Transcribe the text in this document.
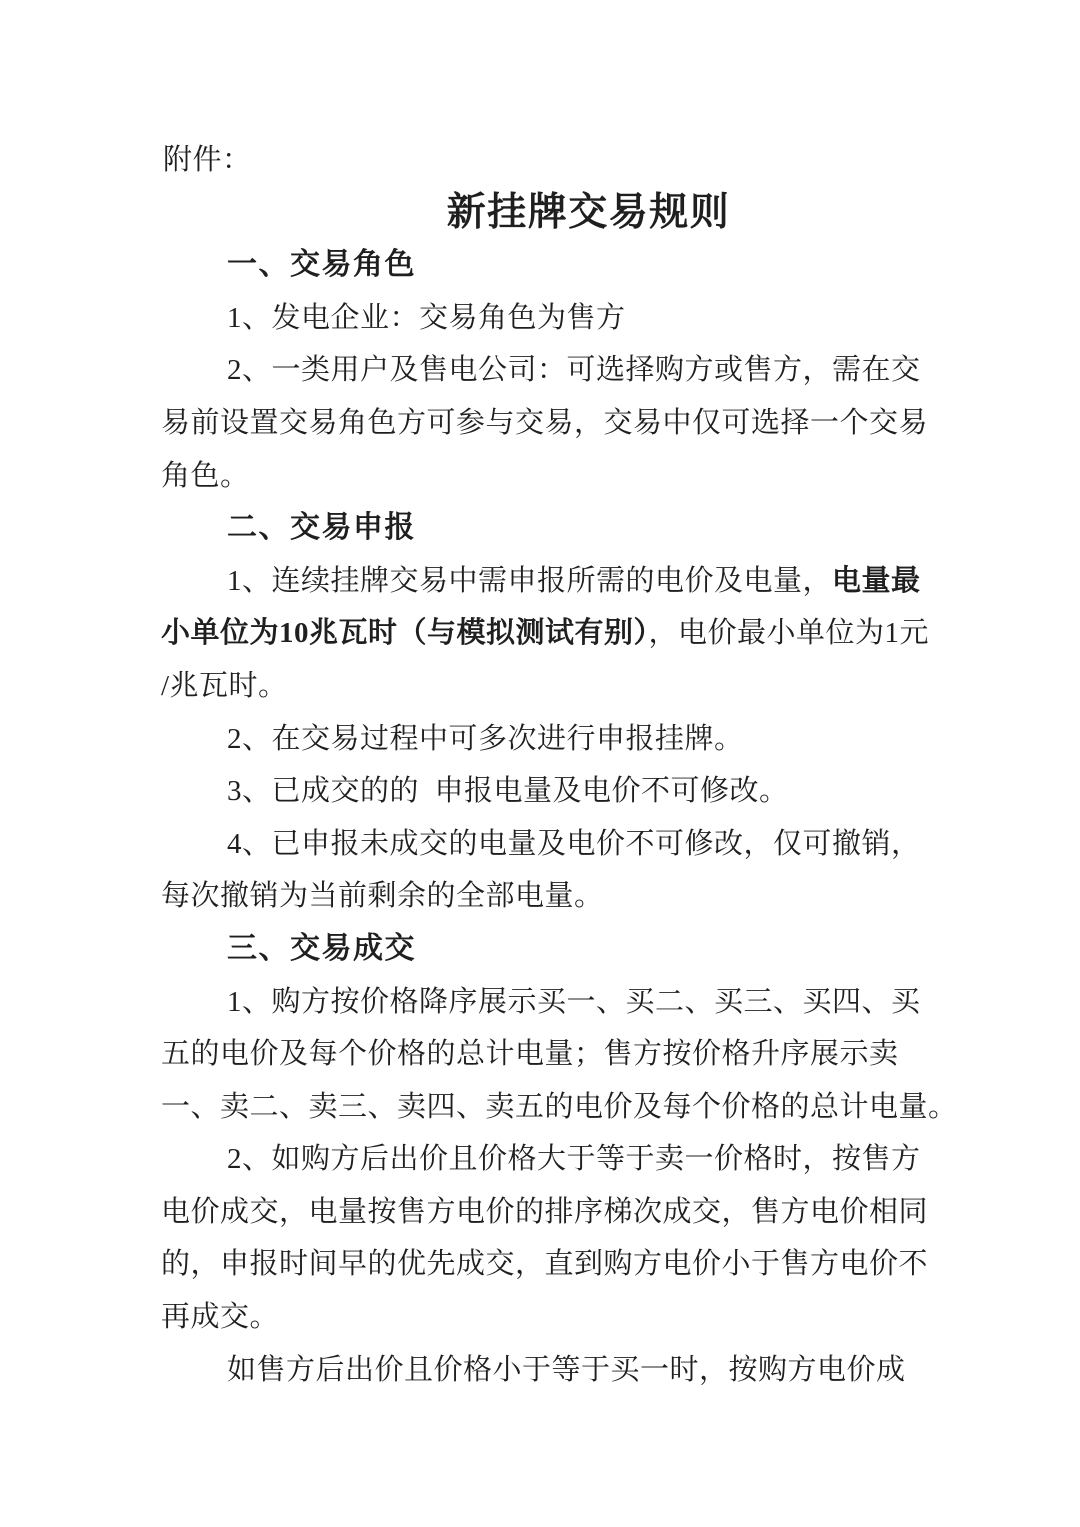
附件：
新挂牌交易规则
一、交易角色
1、发电企业：交易角色为售方
2、一类用户及售电公司：可选择购方或售方，需在交
易前设置交易角色方可参与交易，交易中仅可选择一个交易
角色。
二、交易申报
1、连续挂牌交易中需申报所需的电价及电量，电量最
小单位为10兆瓦时（与模拟测试有别），电价最小单位为1元
/兆瓦时。
2、在交易过程中可多次进行申报挂牌。
3、已成交的的  申报电量及电价不可修改。
4、已申报未成交的电量及电价不可修改，仅可撤销，
每次撤销为当前剩余的全部电量。
三、交易成交
1、购方按价格降序展示买一、买二、买三、买四、买
五的电价及每个价格的总计电量；售方按价格升序展示卖
一、卖二、卖三、卖四、卖五的电价及每个价格的总计电量。
2、如购方后出价且价格大于等于卖一价格时，按售方
电价成交，电量按售方电价的排序梯次成交，售方电价相同
的，申报时间早的优先成交，直到购方电价小于售方电价不
再成交。
如售方后出价且价格小于等于买一时，按购方电价成
